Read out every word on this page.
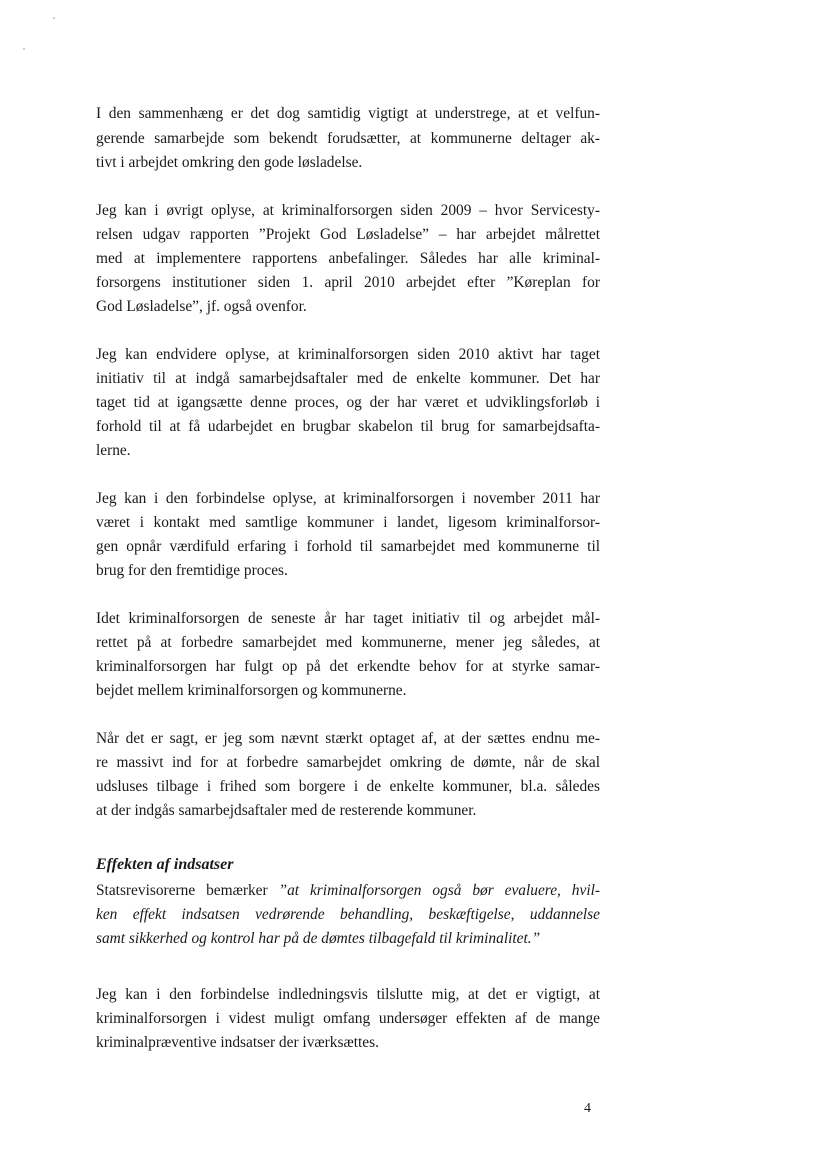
I den sammenhæng er det dog samtidig vigtigt at understrege, at et velfun-
gerende samarbejde som bekendt forudsætter, at kommunerne deltager ak-
tivt i arbejdet omkring den gode løsladelse.
Jeg kan i øvrigt oplyse, at kriminalforsorgen siden 2009 – hvor Servicesty-
relsen udgav rapporten ”Projekt God Løsladelse” – har arbejdet målrettet
med at implementere rapportens anbefalinger. Således har alle kriminal-
forsorgens institutioner siden 1. april 2010 arbejdet efter ”Køreplan for
God Løsladelse”, jf. også ovenfor.
Jeg kan endvidere oplyse, at kriminalforsorgen siden 2010 aktivt har taget
initiativ til at indgå samarbejdsaftaler med de enkelte kommuner. Det har
taget tid at igangsætte denne proces, og der har været et udviklingsforløb i
forhold til at få udarbejdet en brugbar skabelon til brug for samarbejdsafta-
lerne.
Jeg kan i den forbindelse oplyse, at kriminalforsorgen i november 2011 har
været i kontakt med samtlige kommuner i landet, ligesom kriminalforsor-
gen opnår værdifuld erfaring i forhold til samarbejdet med kommunerne til
brug for den fremtidige proces.
Idet kriminalforsorgen de seneste år har taget initiativ til og arbejdet mål-
rettet på at forbedre samarbejdet med kommunerne, mener jeg således, at
kriminalforsorgen har fulgt op på det erkendte behov for at styrke samar-
bejdet mellem kriminalforsorgen og kommunerne.
Når det er sagt, er jeg som nævnt stærkt optaget af, at der sættes endnu me-
re massivt ind for at forbedre samarbejdet omkring de dømte, når de skal
udsluses tilbage i frihed som borgere i de enkelte kommuner, bl.a. således
at der indgås samarbejdsaftaler med de resterende kommuner.
Effekten af indsatser
Statsrevisorerne bemærker ”at kriminalforsorgen også bør evaluere, hvil-
ken effekt indsatsen vedrørende behandling, beskæftigelse, uddannelse
samt sikkerhed og kontrol har på de dømtes tilbagefald til kriminalitet.”
Jeg kan i den forbindelse indledningsvis tilslutte mig, at det er vigtigt, at
kriminalforsorgen i videst muligt omfang undersøger effekten af de mange
kriminalpræventive indsatser der iværksættes.
4
